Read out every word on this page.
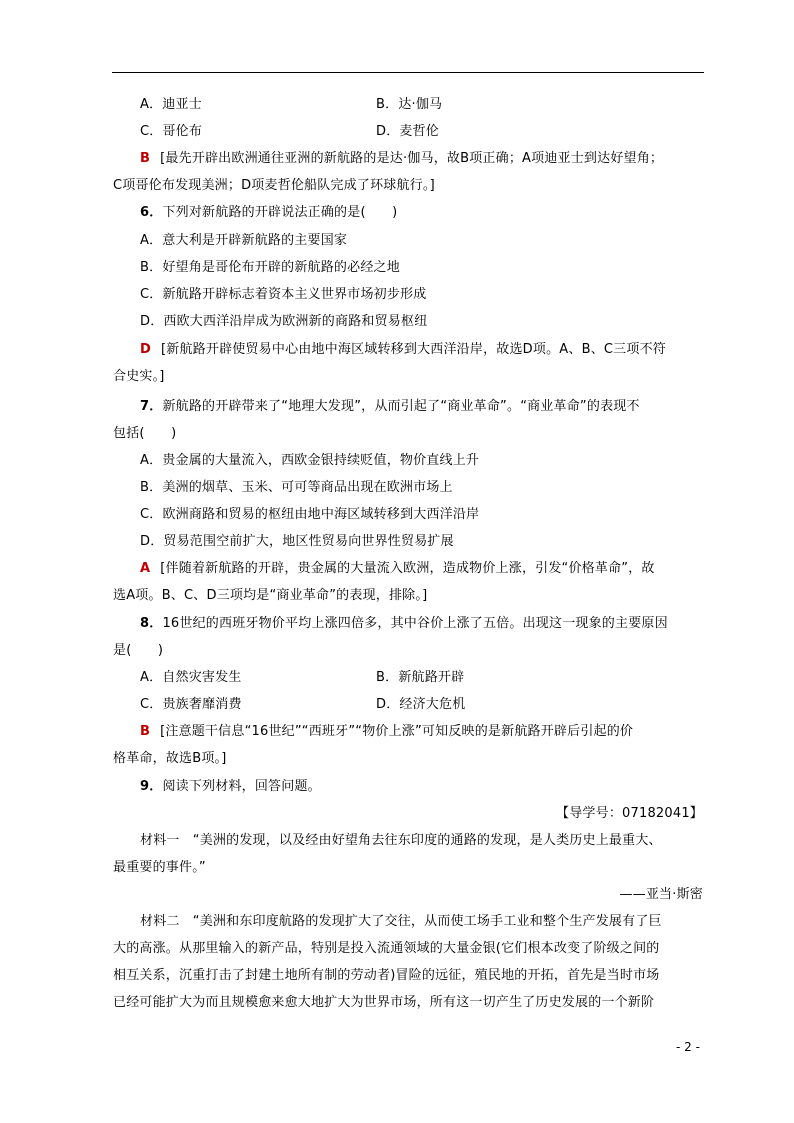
A．迪亚士	B．达·伽马
C．哥伦布	D．麦哲伦
B [最先开辟出欧洲通往亚洲的新航路的是达·伽马，故B项正确；A项迪亚士到达好望角；
C项哥伦布发现美洲；D项麦哲伦船队完成了环球航行。]
6．下列对新航路的开辟说法正确的是(　　)
A．意大利是开辟新航路的主要国家
B．好望角是哥伦布开辟的新航路的必经之地
C．新航路开辟标志着资本主义世界市场初步形成
D．西欧大西洋沿岸成为欧洲新的商路和贸易枢纽
D [新航路开辟使贸易中心由地中海区域转移到大西洋沿岸，故选D项。A、B、C三项不符
合史实。]
7．新航路的开辟带来了“地理大发现”，从而引起了“商业革命”。“商业革命”的表现不
包括(　　)
A．贵金属的大量流入，西欧金银持续贬值，物价直线上升
B．美洲的烟草、玉米、可可等商品出现在欧洲市场上
C．欧洲商路和贸易的枢纽由地中海区域转移到大西洋沿岸
D．贸易范围空前扩大，地区性贸易向世界性贸易扩展
A [伴随着新航路的开辟，贵金属的大量流入欧洲，造成物价上涨，引发“价格革命”，故
选A项。B、C、D三项均是“商业革命”的表现，排除。]
8．16世纪的西班牙物价平均上涨四倍多，其中谷价上涨了五倍。出现这一现象的主要原因
是(　　)
A．自然灾害发生	B．新航路开辟
C．贵族奢靡消费	D．经济大危机
B [注意题干信息“16世纪”“西班牙”“物价上涨”可知反映的是新航路开辟后引起的价
格革命，故选B项。]
9．阅读下列材料，回答问题。
【导学号：07182041】
材料一　“美洲的发现，以及经由好望角去往东印度的通路的发现，是人类历史上最重大、
最重要的事件。”
——亚当·斯密
材料二　“美洲和东印度航路的发现扩大了交往，从而使工场手工业和整个生产发展有了巨
大的高涨。从那里输入的新产品，特别是投入流通领域的大量金银(它们根本改变了阶级之间的
相互关系，沉重打击了封建土地所有制的劳动者)冒险的远征，殖民地的开拓，首先是当时市场
已经可能扩大为而且规模愈来愈大地扩大为世界市场，所有这一切产生了历史发展的一个新阶
- 2 -
